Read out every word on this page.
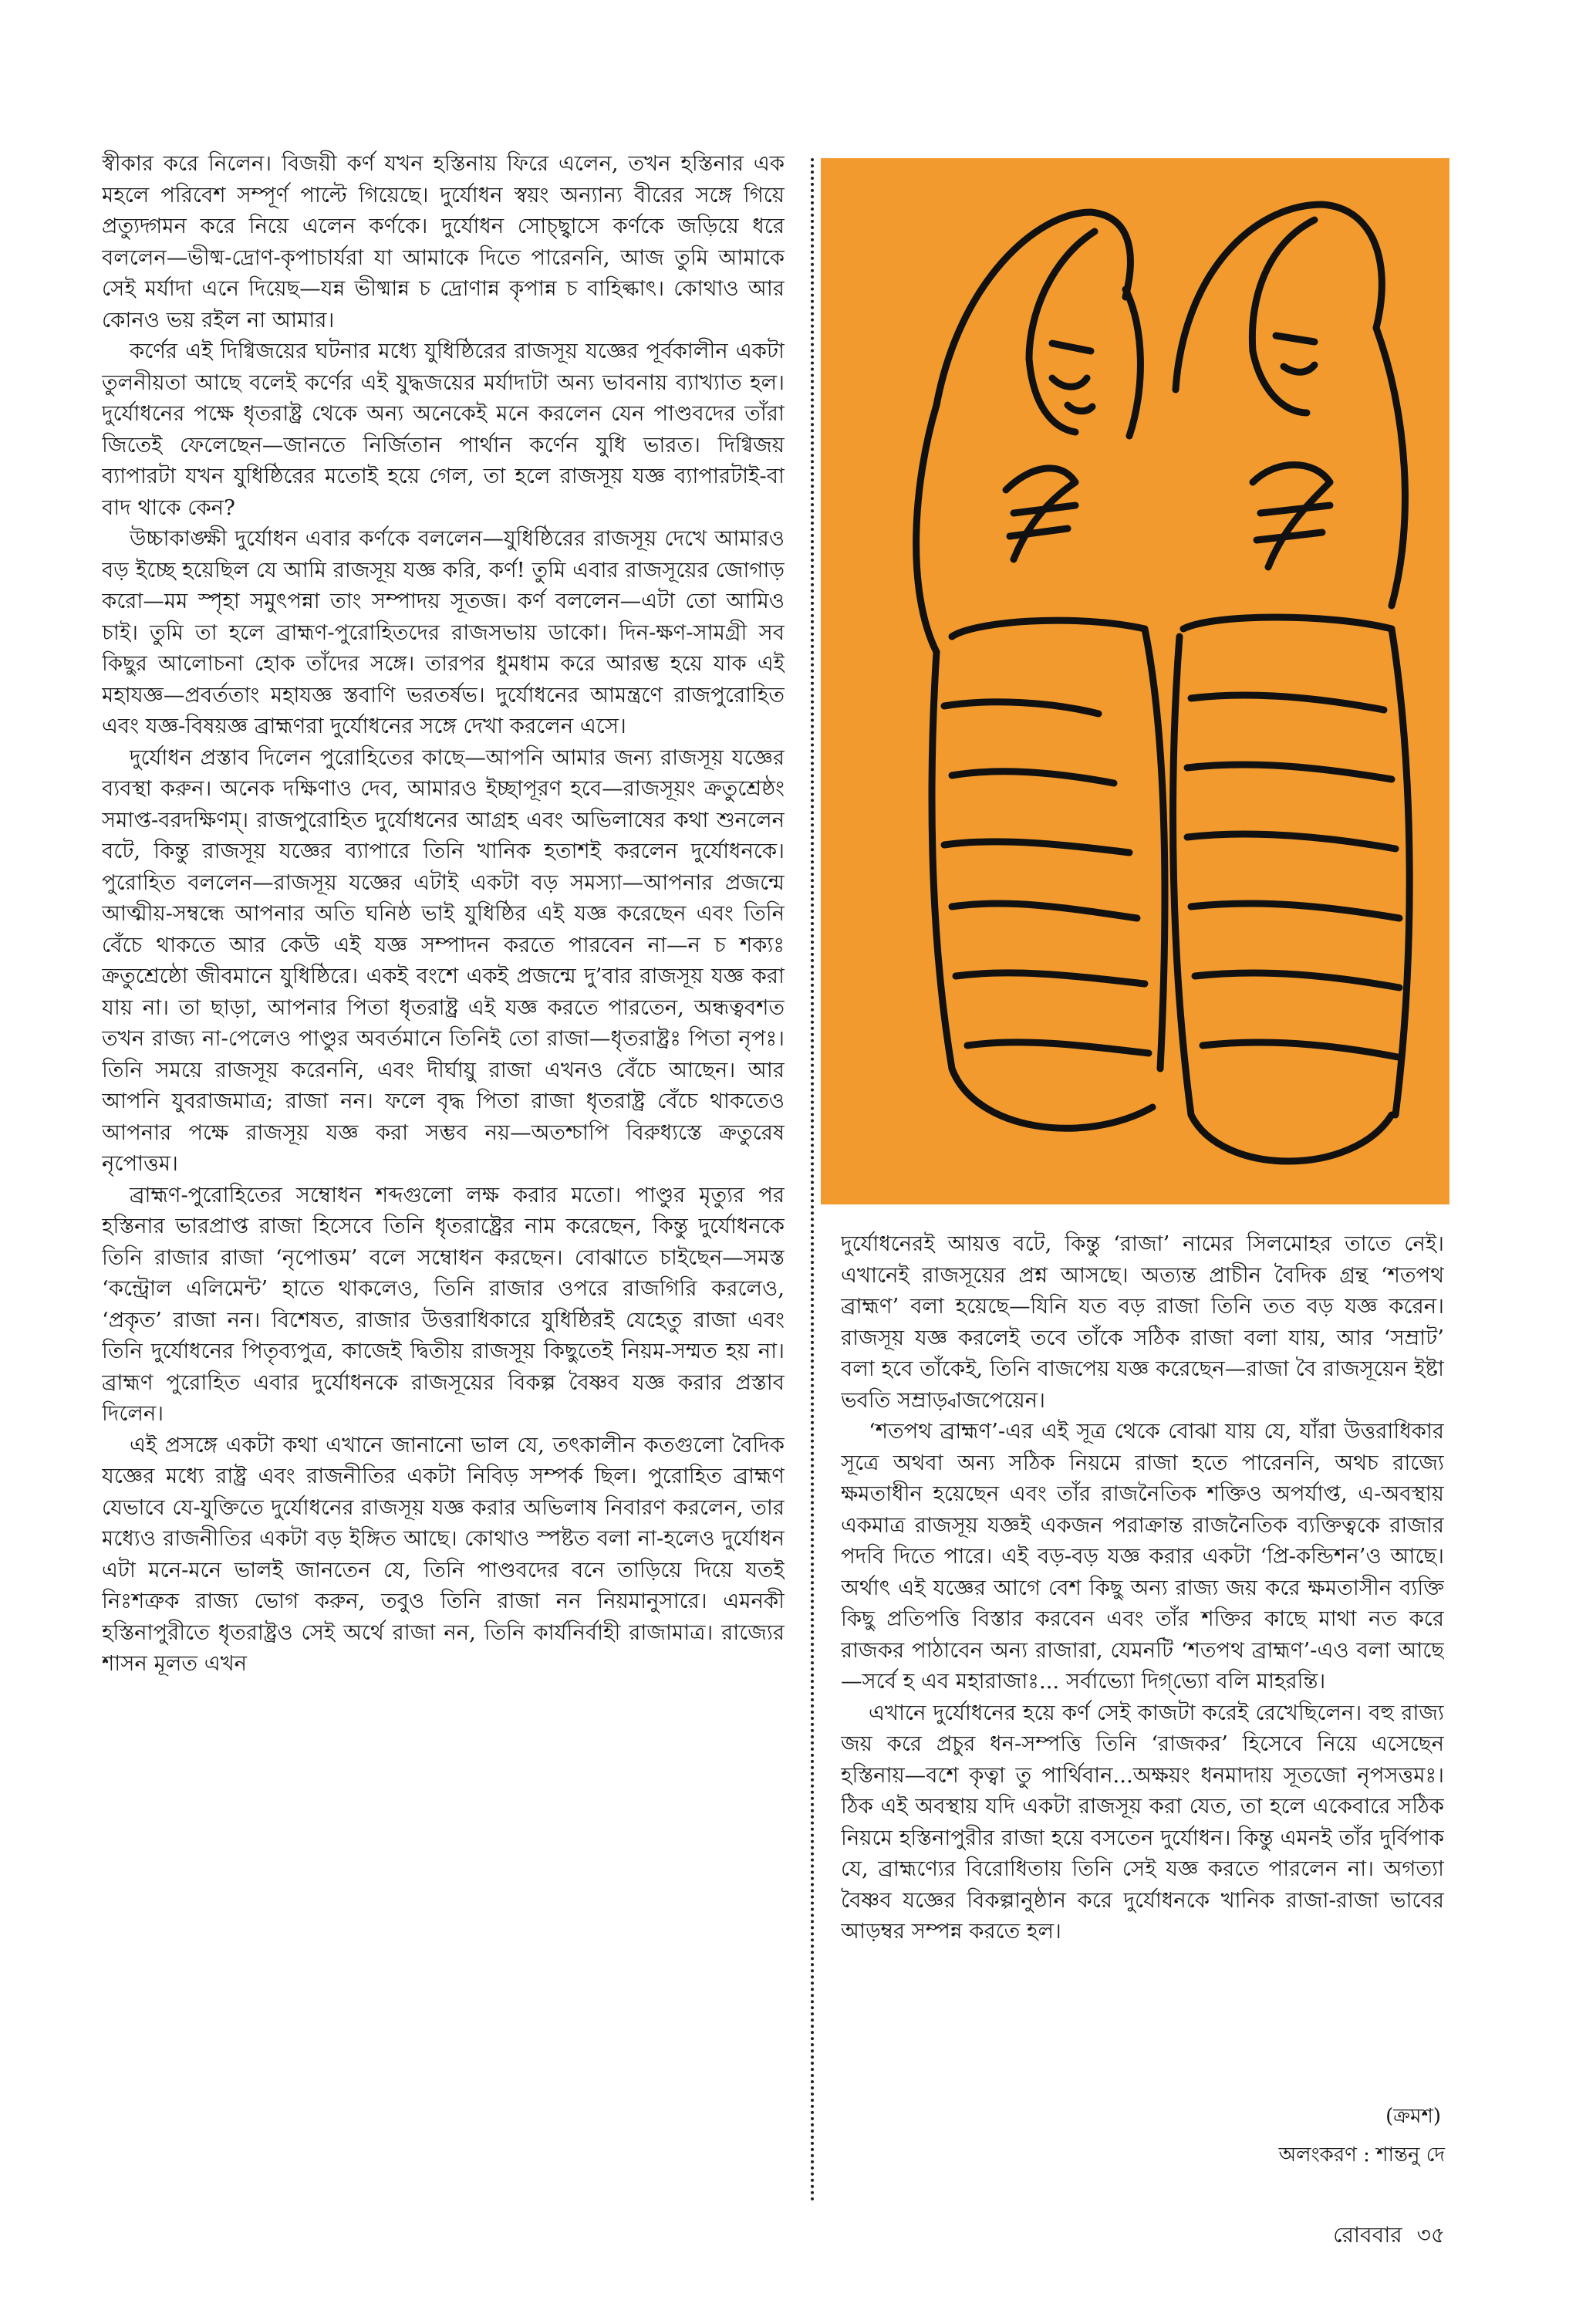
স্বীকার করে নিলেন। বিজয়ী কর্ণ যখন হস্তিনায় ফিরে এলেন, তখন হস্তিনার এক মহলে পরিবেশ সম্পূর্ণ পাল্টে গিয়েছে। দুর্যোধন স্বয়ং অন্যান্য বীরের সঙ্গে গিয়ে প্রত্যুদ্গমন করে নিয়ে এলেন কর্ণকে। দুর্যোধন সোচ্ছ্বাসে কর্ণকে জড়িয়ে ধরে বললেন—ভীষ্ম-দ্রোণ-কৃপাচার্যরা যা আমাকে দিতে পারেননি, আজ তুমি আমাকে সেই মর্যাদা এনে দিয়েছ—যন্ন ভীষ্মান্ন চ দ্রোণান্ন কৃপান্ন চ বাহিল্কাৎ। কোথাও আর কোনও ভয় রইল না আমার।

কর্ণের এই দিগ্বিজয়ের ঘটনার মধ্যে যুধিষ্ঠিরের রাজসূয় যজ্ঞের পূর্বকালীন একটা তুলনীয়তা আছে বলেই কর্ণের এই যুদ্ধজয়ের মর্যাদাটা অন্য ভাবনায় ব্যাখ্যাত হল। দুর্যোধনের পক্ষে ধৃতরাষ্ট্র থেকে অন্য অনেকেই মনে করলেন যেন পাণ্ডবদের তাঁরা জিতেই ফেলেছেন—জানতে নির্জিতান পার্থান কর্ণেন যুধি ভারত। দিগ্বিজয় ব্যাপারটা যখন যুধিষ্ঠিরের মতোই হয়ে গেল, তা হলে রাজসূয় যজ্ঞ ব্যাপারটাই-বা বাদ থাকে কেন?

উচ্চাকাঙ্ক্ষী দুর্যোধন এবার কর্ণকে বললেন—যুধিষ্ঠিরের রাজসূয় দেখে আমারও বড় ইচ্ছে হয়েছিল যে আমি রাজসূয় যজ্ঞ করি, কর্ণ! তুমি এবার রাজসূয়ের জোগাড় করো—মম স্পৃহা সমুৎপন্না তাং সম্পাদয় সূতজ। কর্ণ বললেন—এটা তো আমিও চাই। তুমি তা হলে ব্রাহ্মণ-পুরোহিতদের রাজসভায় ডাকো। দিন-ক্ষণ-সামগ্রী সব কিছুর আলোচনা হোক তাঁদের সঙ্গে। তারপর ধুমধাম করে আরম্ভ হয়ে যাক এই মহাযজ্ঞ—প্রবর্ততাং মহাযজ্ঞ স্তবাণি ভরতর্ষভ। দুর্যোধনের আমন্ত্রণে রাজপুরোহিত এবং যজ্ঞ-বিষয়জ্ঞ ব্রাহ্মণরা দুর্যোধনের সঙ্গে দেখা করলেন এসে।

দুর্যোধন প্রস্তাব দিলেন পুরোহিতের কাছে—আপনি আমার জন্য রাজসূয় যজ্ঞের ব্যবস্থা করুন। অনেক দক্ষিণাও দেব, আমারও ইচ্ছাপূরণ হবে—রাজসূয়ং ক্রতুশ্রেষ্ঠং সমাপ্ত-বরদক্ষিণম্। রাজপুরোহিত দুর্যোধনের আগ্রহ এবং অভিলাষের কথা শুনলেন বটে, কিন্তু রাজসূয় যজ্ঞের ব্যাপারে তিনি খানিক হতাশই করলেন দুর্যোধনকে। পুরোহিত বললেন—রাজসূয় যজ্ঞের এটাই একটা বড় সমস্যা—আপনার প্রজন্মে আত্মীয়-সম্বন্ধে আপনার অতি ঘনিষ্ঠ ভাই যুধিষ্ঠির এই যজ্ঞ করেছেন এবং তিনি বেঁচে থাকতে আর কেউ এই যজ্ঞ সম্পাদন করতে পারবেন না—ন চ শক্যঃ ক্রতুশ্রেষ্ঠো জীবমানে যুধিষ্ঠিরে। একই বংশে একই প্রজন্মে দু’বার রাজসূয় যজ্ঞ করা যায় না। তা ছাড়া, আপনার পিতা ধৃতরাষ্ট্র এই যজ্ঞ করতে পারতেন, অন্ধত্ববশত তখন রাজ্য না-পেলেও পাণ্ডুর অবর্তমানে তিনিই তো রাজা—ধৃতরাষ্ট্রঃ পিতা নৃপঃ। তিনি সময়ে রাজসূয় করেননি, এবং দীর্ঘায়ু রাজা এখনও বেঁচে আছেন। আর আপনি যুবরাজমাত্র; রাজা নন। ফলে বৃদ্ধ পিতা রাজা ধৃতরাষ্ট্র বেঁচে থাকতেও আপনার পক্ষে রাজসূয় যজ্ঞ করা সম্ভব নয়—অতশ্চাপি বিরুধ্যস্তে ক্রতুরেষ নৃপোত্তম।

ব্রাহ্মণ-পুরোহিতের সম্বোধন শব্দগুলো লক্ষ করার মতো। পাণ্ডুর মৃত্যুর পর হস্তিনার ভারপ্রাপ্ত রাজা হিসেবে তিনি ধৃতরাষ্ট্রের নাম করেছেন, কিন্তু দুর্যোধনকে তিনি রাজার রাজা ‘নৃপোত্তম’ বলে সম্বোধন করছেন। বোঝাতে চাইছেন—সমস্ত ‘কন্ট্রোল এলিমেন্ট’ হাতে থাকলেও, তিনি রাজার ওপরে রাজগিরি করলেও, ‘প্রকৃত’ রাজা নন। বিশেষত, রাজার উত্তরাধিকারে যুধিষ্ঠিরই যেহেতু রাজা এবং তিনি দুর্যোধনের পিতৃব্যপুত্র, কাজেই দ্বিতীয় রাজসূয় কিছুতেই নিয়ম-সম্মত হয় না। ব্রাহ্মণ পুরোহিত এবার দুর্যোধনকে রাজসূয়ের বিকল্প বৈষ্ণব যজ্ঞ করার প্রস্তাব দিলেন।

এই প্রসঙ্গে একটা কথা এখানে জানানো ভাল যে, তৎকালীন কতগুলো বৈদিক যজ্ঞের মধ্যে রাষ্ট্র এবং রাজনীতির একটা নিবিড় সম্পর্ক ছিল। পুরোহিত ব্রাহ্মণ যেভাবে যে-যুক্তিতে দুর্যোধনের রাজসূয় যজ্ঞ করার অভিলাষ নিবারণ করলেন, তার মধ্যেও রাজনীতির একটা বড় ইঙ্গিত আছে। কোথাও স্পষ্টত বলা না-হলেও দুর্যোধন এটা মনে-মনে ভালই জানতেন যে, তিনি পাণ্ডবদের বনে তাড়িয়ে দিয়ে যতই নিঃশত্রুক রাজ্য ভোগ করুন, তবুও তিনি রাজা নন নিয়মানুসারে। এমনকী হস্তিনাপুরীতে ধৃতরাষ্ট্রও সেই অর্থে রাজা নন, তিনি কার্যনির্বাহী রাজামাত্র। রাজ্যের শাসন মূলত এখন

দুর্যোধনেরই আয়ত্ত বটে, কিন্তু ‘রাজা’ নামের সিলমোহর তাতে নেই। এখানেই রাজসূয়ের প্রশ্ন আসছে। অত্যন্ত প্রাচীন বৈদিক গ্রন্থ ‘শতপথ ব্রাহ্মণ’ বলা হয়েছে—যিনি যত বড় রাজা তিনি তত বড় যজ্ঞ করেন। রাজসূয় যজ্ঞ করলেই তবে তাঁকে সঠিক রাজা বলা যায়, আর ‘সম্রাট’ বলা হবে তাঁকেই, তিনি বাজপেয় যজ্ঞ করেছেন—রাজা বৈ রাজসূয়েন ইষ্টা ভবতি সম্রাড়্বাজপেয়েন।

‘শতপথ ব্রাহ্মণ’-এর এই সূত্র থেকে বোঝা যায় যে, যাঁরা উত্তরাধিকার সূত্রে অথবা অন্য সঠিক নিয়মে রাজা হতে পারেননি, অথচ রাজ্যে ক্ষমতাধীন হয়েছেন এবং তাঁর রাজনৈতিক শক্তিও অপর্যাপ্ত, এ-অবস্থায় একমাত্র রাজসূয় যজ্ঞই একজন পরাক্রান্ত রাজনৈতিক ব্যক্তিত্বকে রাজার পদবি দিতে পারে। এই বড়-বড় যজ্ঞ করার একটা ‘প্রি-কন্ডিশন’ও আছে। অর্থাৎ এই যজ্ঞের আগে বেশ কিছু অন্য রাজ্য জয় করে ক্ষমতাসীন ব্যক্তি কিছু প্রতিপত্তি বিস্তার করবেন এবং তাঁর শক্তির কাছে মাথা নত করে রাজকর পাঠাবেন অন্য রাজারা, যেমনটি ‘শতপথ ব্রাহ্মণ’-এও বলা আছে—সর্বে হ এব মহারাজাঃ... সর্বাভ্যো দিগ্‌ভ্যো বলি মাহরন্তি।

এখানে দুর্যোধনের হয়ে কর্ণ সেই কাজটা করেই রেখেছিলেন। বহু রাজ্য জয় করে প্রচুর ধন-সম্পত্তি তিনি ‘রাজকর’ হিসেবে নিয়ে এসেছেন হস্তিনায়—বশে কৃত্বা তু পার্থিবান...অক্ষয়ং ধনমাদায় সূতজো নৃপসত্তমঃ। ঠিক এই অবস্থায় যদি একটা রাজসূয় করা যেত, তা হলে একেবারে সঠিক নিয়মে হস্তিনাপুরীর রাজা হয়ে বসতেন দুর্যোধন। কিন্তু এমনই তাঁর দুর্বিপাক যে, ব্রাহ্মণ্যের বিরোধিতায় তিনি সেই যজ্ঞ করতে পারলেন না। অগত্যা বৈষ্ণব যজ্ঞের বিকল্পানুষ্ঠান করে দুর্যোধনকে খানিক রাজা-রাজা ভাবের আড়ম্বর সম্পন্ন করতে হল।

(ক্রমশ)
অলংকরণ : শান্তনু দে
রোববার ৩৫
